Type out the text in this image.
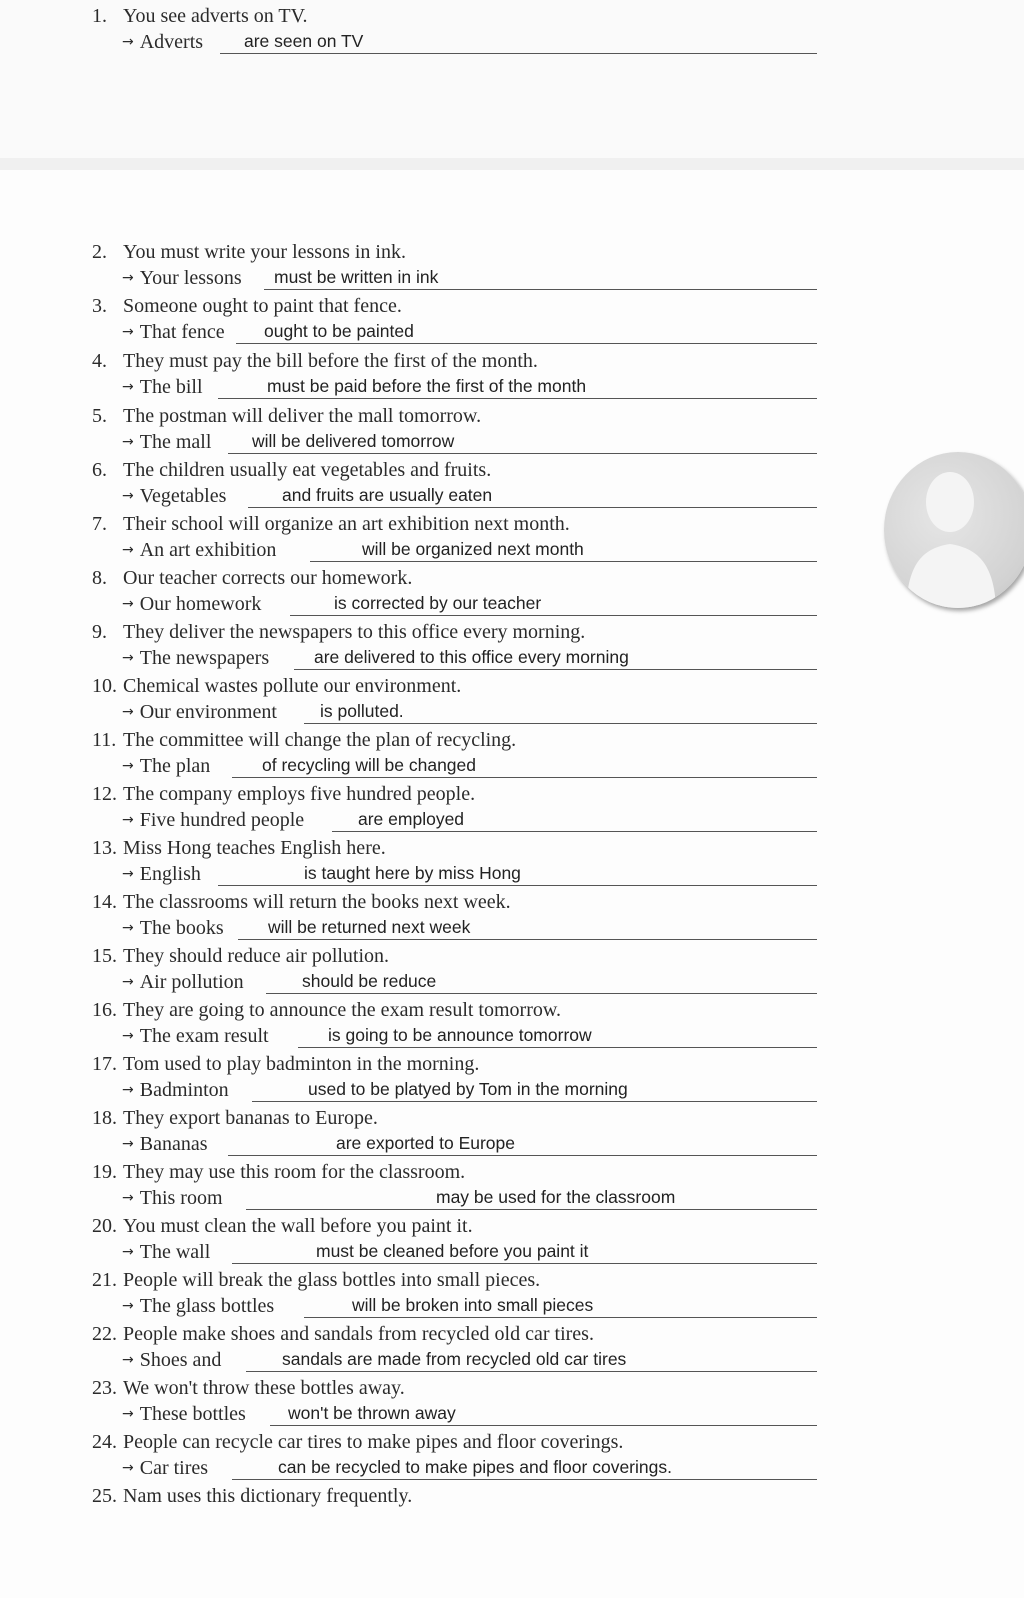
1. You see adverts on TV.
→ Adverts are seen on TV
2. You must write your lessons in ink.
→ Your lessons must be written in ink
3. Someone ought to paint that fence.
→ That fence ought to be painted
4. They must pay the bill before the first of the month.
→ The bill	must be paid before the first of the month
5. The postman will deliver the mall tomorrow.
→ The mall will be delivered tomorrow
6. The children usually eat vegetables and fruits.
→ Vegetables	and fruits are usually eaten
7. Their school will organize an art exhibition next month.
→ An art exhibition	will be organized next month
8. Our teacher corrects our homework.
→ Our homework	is corrected by our teacher
9. They deliver the newspapers to this office every morning.
→ The newspapers	are delivered to this office every morning
10. Chemical wastes pollute our environment.
→ Our environment is polluted.
11. The committee will change the plan of recycling.
→ The plan	of recycling will be changed
12. The company employs five hundred people.
→ Five hundred people	are employed
13. Miss Hong teaches English here.
→ English	is taught here by miss Hong
14. The classrooms will return the books next week.
→ The books	will be returned next week
15. They should reduce air pollution.
→ Air pollution	should be reduce
16. They are going to announce the exam result tomorrow.
→ The exam result	is going to be announce tomorrow
17. Tom used to play badminton in the morning.
→ Badminton	used to be platyed by Tom in the morning
18. They export bananas to Europe.
→ Bananas	are exported to Europe
19. They may use this room for the classroom.
→ This room	may be used for the classroom
20. You must clean the wall before you paint it.
→ The wall	must be cleaned before you paint it
21. People will break the glass bottles into small pieces.
→ The glass bottles	will be broken into small pieces
22. People make shoes and sandals from recycled old car tires.
→ Shoes and	sandals are made from recycled old car tires
23. We won't throw these bottles away.
→ These bottles won't be thrown away
24. People can recycle car tires to make pipes and floor coverings.
→ Car tires	can be recycled to make pipes and floor coverings.
25. Nam uses this dictionary frequently.
